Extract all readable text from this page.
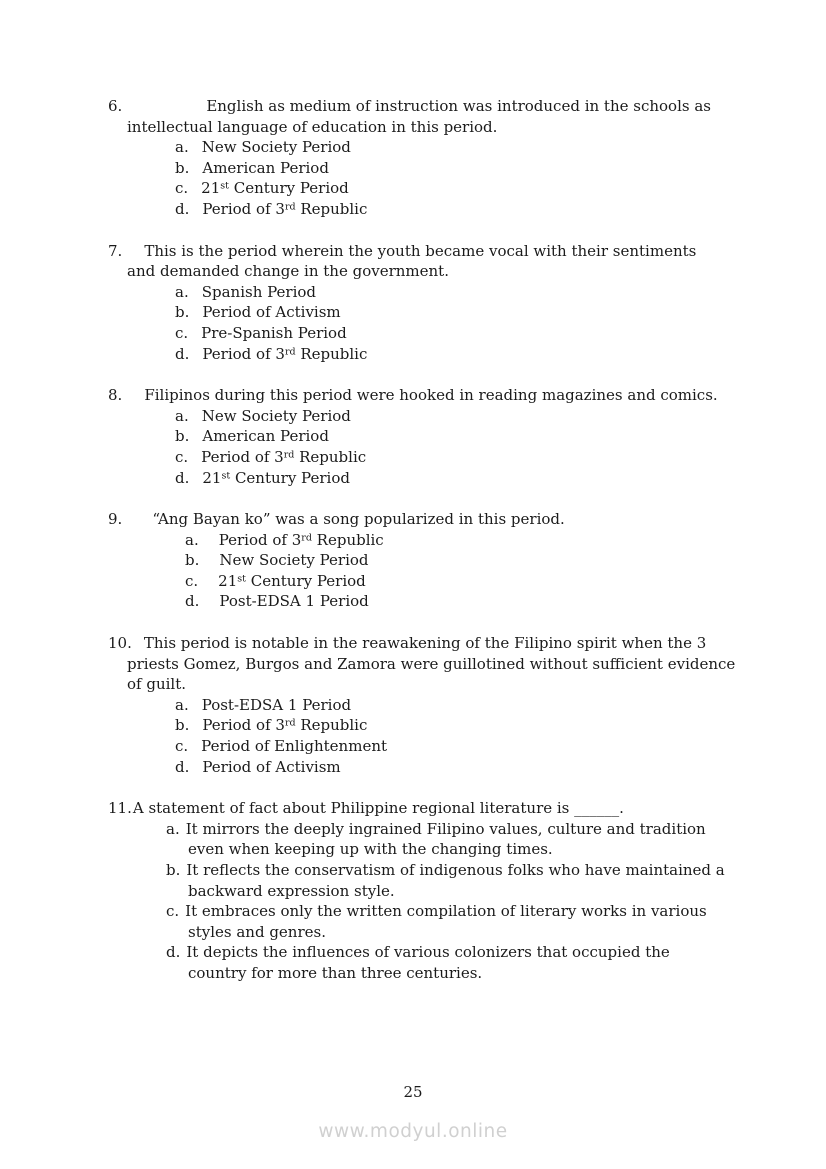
6.	English as medium of instruction was introduced in the schools as
intellectual language of education in this period.
a. New Society Period
b. American Period
c. 21st Century Period
d. Period of 3rd Republic
7. This is the period wherein the youth became vocal with their sentiments
and demanded change in the government.
a. Spanish Period
b. Period of Activism
c. Pre-Spanish Period
d. Period of 3rd Republic
8. Filipinos during this period were hooked in reading magazines and comics.
a. New Society Period
b. American Period
c. Period of 3rd Republic
d. 21st Century Period
9. “Ang Bayan ko” was a song popularized in this period.
a. Period of 3rd Republic
b. New Society Period
c. 21st Century Period
d. Post-EDSA 1 Period
10. This period is notable in the reawakening of the Filipino spirit when the 3
priests Gomez, Burgos and Zamora were guillotined without sufficient evidence
of guilt.
a. Post-EDSA 1 Period
b. Period of 3rd Republic
c. Period of Enlightenment
d. Period of Activism
11.A statement of fact about Philippine regional literature is ______.
a. It mirrors the deeply ingrained Filipino values, culture and tradition
even when keeping up with the changing times.
b. It reflects the conservatism of indigenous folks who have maintained a
backward expression style.
c. It embraces only the written compilation of literary works in various
styles and genres.
d. It depicts the influences of various colonizers that occupied the
country for more than three centuries.
25
www.modyul.online
